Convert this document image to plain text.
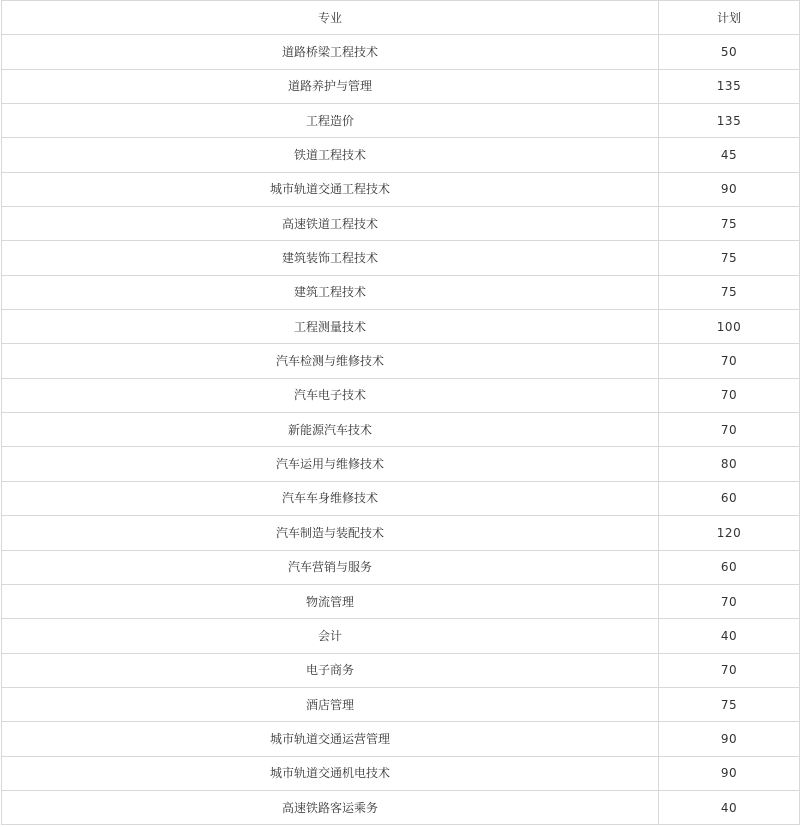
专业	计划
道路桥梁工程技术	50
道路养护与管理	135
工程造价	135
铁道工程技术	45
城市轨道交通工程技术	90
高速铁道工程技术	75
建筑装饰工程技术	75
建筑工程技术	75
工程测量技术	100
汽车检测与维修技术	70
汽车电子技术	70
新能源汽车技术	70
汽车运用与维修技术	80
汽车车身维修技术	60
汽车制造与装配技术	120
汽车营销与服务	60
物流管理	70
会计	40
电子商务	70
酒店管理	75
城市轨道交通运营管理	90
城市轨道交通机电技术	90
高速铁路客运乘务	40
